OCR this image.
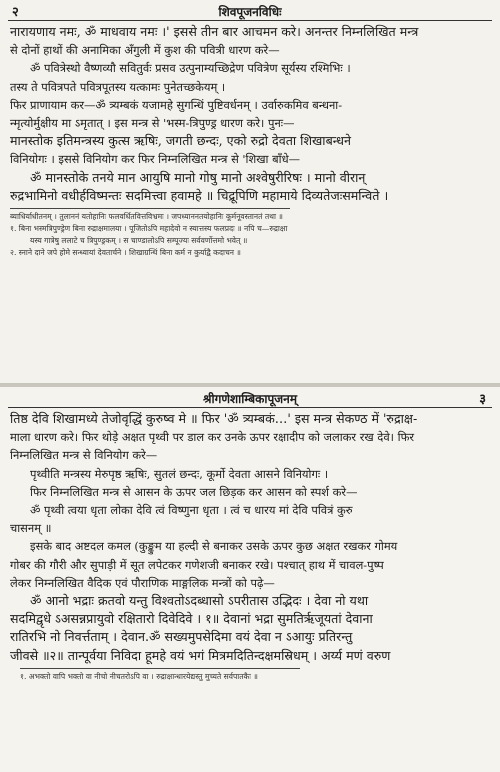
२	शिवपूजनविधिः
नारायणाय नमः, ॐ माधवाय नमः ।' इससे तीन बार आचमन करे। अनन्तर निम्नलिखित मन्त्र
से दोनों हाथों की अनामिका अँगुली में कुश की पवित्री धारण करे—
ॐ पवित्रेस्थो वैष्णव्यौ सवितुर्वः प्रसव उत्पुनाम्यच्छिद्रेण पवित्रेण सूर्यस्य रश्मिभिः ।
तस्य ते पवित्रपते पवित्रपूतस्य यत्कामः पुनेतच्छकेयम् ।
फिर प्राणायाम कर—ॐ त्र्यम्बकं यजामहे सुगन्धिं पुष्टिवर्धनम् । उर्वारुकमिव बन्धना-
न्मृत्योर्मुक्षीय मा ऽमृतात् । इस मन्त्र से 'भस्म-त्रिपुण्ड्र धारण करे। पुनः—
मानस्तोक इतिमन्त्रस्य कुत्स ऋषिः, जगती छन्दः, एको रुद्रो देवता शिखाबन्धने
विनियोगः । इससे विनियोग कर फिर निम्नलिखित मन्त्र से 'शिखा बाँधे—
ॐ मानस्तोके तनये मान आयुषि मानो गोषु मानो अश्वेषुरीरिषः । मानो वीरान्
रुद्रभामिनो वधीर्हविष्मन्तः सदमित्त्वा हवामहे ॥ चिद्रूपिणि महामाये दिव्यतेजःसमन्विते ।
ब्याधिर्याधीतनम् । तुलाननं यतोहानिः फलवर्धितवित्तविभ्रमः । जपध्याननतयोहानिः कूर्मनूवस्तानतं तथा ॥
१. बिना भस्मत्रिपुण्ड्रेण बिना रुद्राक्षमालया । पूजितोऽपि महादेवो न स्यात्तस्य फलप्रदः ॥ नपि च—रुद्राक्षा
यस्य गात्रेषु ललाटे च त्रिपुण्ड्रकम् । स चाण्डालोऽपि सम्पूज्यः सर्ववर्णोत्तमो भवेत् ॥
२. स्नाने दाने जपे होमे सन्ध्यायां देवतार्चने । शिखाग्रन्थिं बिना कर्म न कुर्याद्वै कदाचन ॥
श्रीगणेशाम्बिकापूजनम्	३
तिष्ठ देवि शिखामध्ये तेजोवृद्धिं कुरुष्व मे ॥ फिर 'ॐ त्र्यम्बकं…' इस मन्त्र सेकण्ठ में 'रुद्राक्ष-
माला धारण करे। फिर थोड़े अक्षत पृथ्वी पर डाल कर उनके ऊपर रक्षादीप को जलाकर रख देवे। फिर
निम्नलिखित मन्त्र से विनियोग करे—
पृथ्वीति मन्त्रस्य मेरुपृष्ठ ऋषिः, सुतलं छन्दः, कूर्मो देवता आसने विनियोगः ।
फिर निम्नलिखित मन्त्र से आसन के ऊपर जल छिड़क कर आसन को स्पर्श करे—
ॐ पृथ्वी त्वया धृता लोका देवि त्वं विष्णुना धृता । त्वं च धारय मां देवि पवित्रं कुरु
चासनम् ॥
इसके बाद अष्टदल कमल (कुङ्कुम या हल्दी से बनाकर उसके ऊपर कुछ अक्षत रखकर गोमय
गोबर की गौरी और सुपाड़ी में सूत लपेटकर गणेशजी बनाकर रखे। पश्चात् हाथ में चावल-पुष्प
लेकर निम्नलिखित वैदिक एवं पौराणिक माङ्गलिक मन्त्रों को पढ़े—
ॐ आनो भद्राः क्रतवो यन्तु विश्वतोऽदब्धासो ऽपरीतास उद्भिदः । देवा नो यथा
सदमिद्वृधे ऽअसन्नप्रायुवो रक्षितारो दिवेदिवे । १॥ देवानां भद्रा सुमतिर्ऋजूयतां देवाना
रातिरभि नो निवर्त्तताम् । देवान.ॐ सख्यमुपसेदिमा वयं देवा न ऽआयुः प्रतिरन्तु
जीवसे ॥२॥ तान्पूर्वया निविदा हूमहे वयं भगं मित्रमदितिन्दक्षमस्रिधम् । अर्य्य मणं वरुण
१. अभक्तो वापि भक्तो वा नीचो नीचतरोऽपि वा । रुद्राक्षान्धारयेद्यस्तु मुच्यते सर्वपातकैः ॥
